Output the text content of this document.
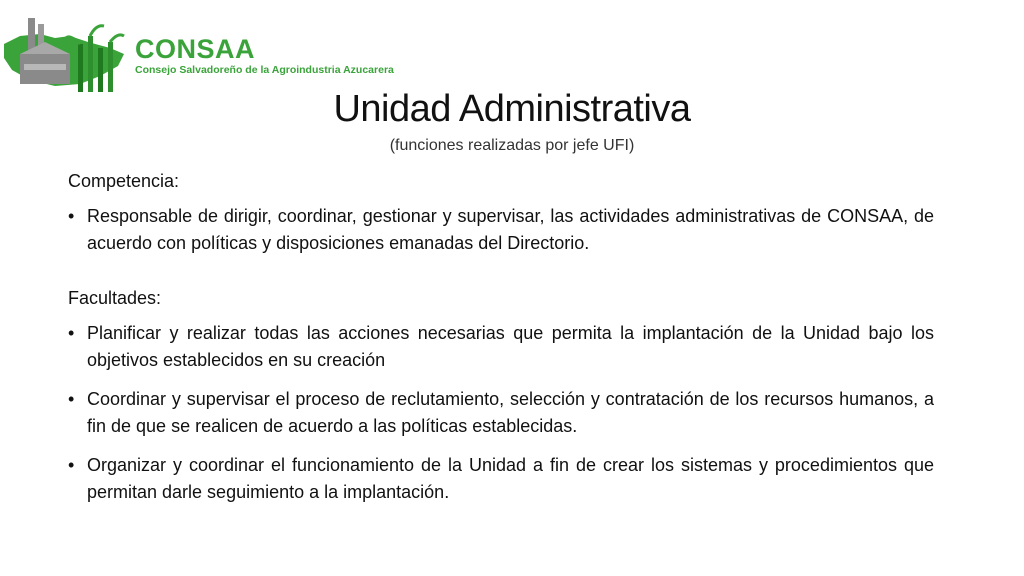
CONSAA
Consejo Salvadoreño de la Agroindustria Azucarera
Unidad Administrativa
(funciones realizadas por jefe UFI)

Competencia:

• Responsable de dirigir, coordinar, gestionar y supervisar, las actividades administrativas de CONSAA, de acuerdo con políticas y disposiciones emanadas del Directorio.

Facultades:

• Planificar y realizar todas las acciones necesarias que permita la implantación de la Unidad bajo los objetivos establecidos en su creación

• Coordinar y supervisar el proceso de reclutamiento, selección y contratación de los recursos humanos, a fin de que se realicen de acuerdo a las políticas establecidas.

• Organizar y coordinar el funcionamiento de la Unidad a fin de crear los sistemas y procedimientos que permitan darle seguimiento a la implantación.
